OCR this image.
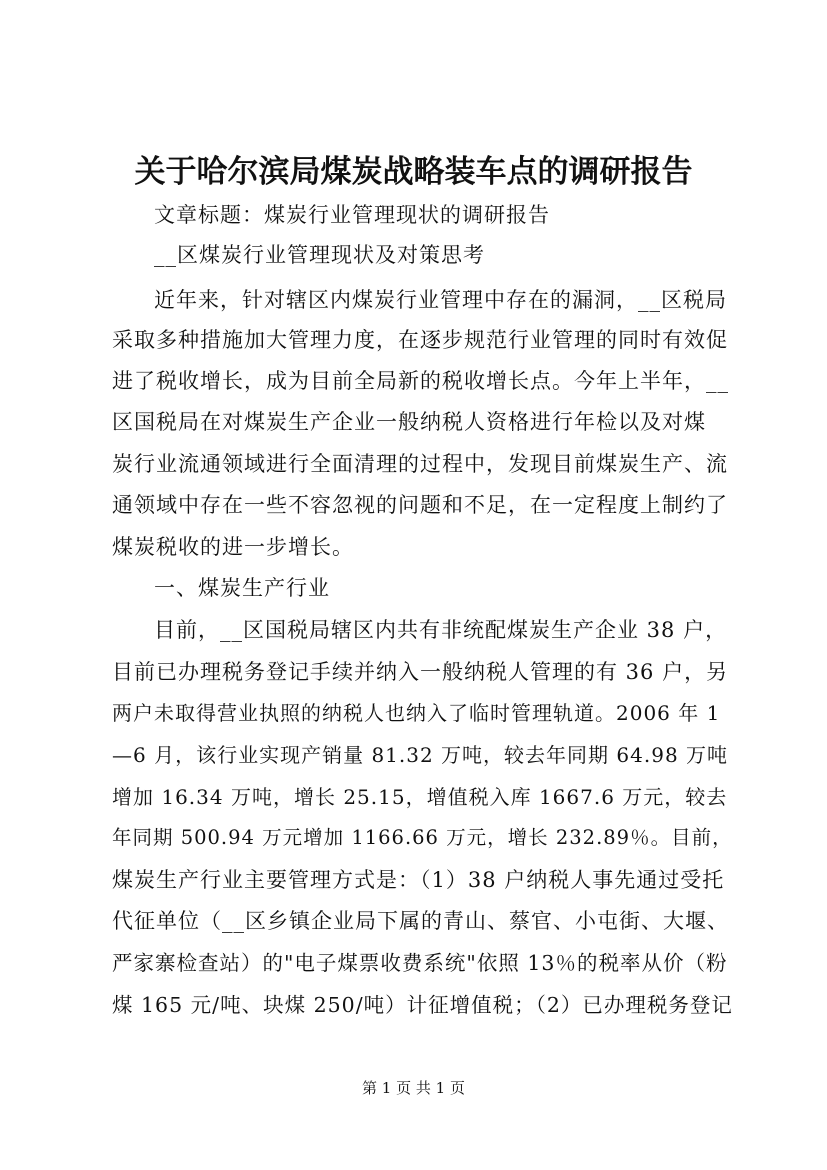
关于哈尔滨局煤炭战略装车点的调研报告
文章标题：煤炭行业管理现状的调研报告
__区煤炭行业管理现状及对策思考
近年来，针对辖区内煤炭行业管理中存在的漏洞，__区税局
采取多种措施加大管理力度，在逐步规范行业管理的同时有效促
进了税收增长，成为目前全局新的税收增长点。今年上半年，__
区国税局在对煤炭生产企业一般纳税人资格进行年检以及对煤
炭行业流通领域进行全面清理的过程中，发现目前煤炭生产、流
通领域中存在一些不容忽视的问题和不足，在一定程度上制约了
煤炭税收的进一步增长。
一、煤炭生产行业
目前，__区国税局辖区内共有非统配煤炭生产企业 38 户，
目前已办理税务登记手续并纳入一般纳税人管理的有 36 户，另
两户未取得营业执照的纳税人也纳入了临时管理轨道。2006 年 1
—6 月，该行业实现产销量 81.32 万吨，较去年同期 64.98 万吨
增加 16.34 万吨，增长 25.15，增值税入库 1667.6 万元，较去
年同期 500.94 万元增加 1166.66 万元，增长 232.89％。目前，
煤炭生产行业主要管理方式是：（1）38 户纳税人事先通过受托
代征单位（__区乡镇企业局下属的青山、蔡官、小屯街、大堰、
严家寨检查站）的"电子煤票收费系统"依照 13％的税率从价（粉
煤 165 元/吨、块煤 250/吨）计征增值税；（2）已办理税务登记
第 1 页 共 1 页
